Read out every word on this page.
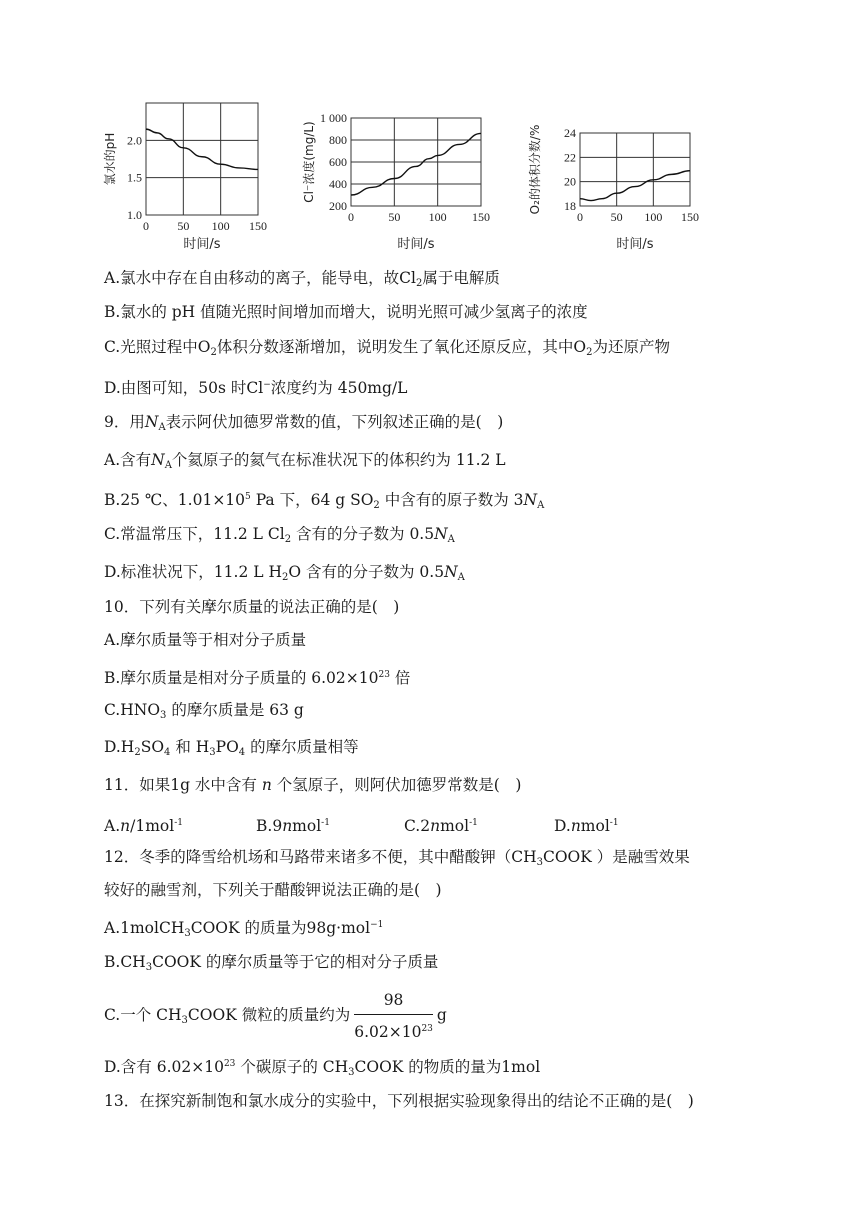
0 50 100 150
1.0
1.5
2.0
时间/s
氯水的pH
0	50 100 150
200
400
600
800
1 000
时间/s
Cl⁻浓度(mg/L)
0 50 100 150
18
20
22
24
时间/s
O₂的体积分数/%
A.氯水中存在自由移动的离子，能导电，故$Cl_2$属于电解质
B.氯水的 pH 值随光照时间增加而增大，说明光照可减少氢离子的浓度
C.光照过程中$O_2$体积分数逐渐增加，说明发生了氧化还原反应，其中$O_2$为还原产物
D.由图可知，50s 时Cl−浓度约为 450mg/L
9．用$N_A$表示阿伏加德罗常数的值，下列叙述正确的是(　)
A.含有$N_A$个氦原子的氦气在标准状况下的体积约为 11.2 L
B.25 ℃、$1.01\times 10^5$ Pa 下，64 g $SO_2$ 中含有的原子数为 $3N_A$
C.常温常压下，11.2 L $Cl_2$ 含有的分子数为 $0.5N_A$
D.标准状况下，11.2 L $H_2O$ 含有的分子数为 $0.5N_A$
10．下列有关摩尔质量的说法正确的是(　)
A.摩尔质量等于相对分子质量
B.摩尔质量是相对分子质量的 $6.02\times 10^{23}$ 倍
$C.HNO_3$ 的摩尔质量是 63 g
$D.H_2SO_4$ 和 $H_3PO_4$ 的摩尔质量相等
11．如果1g 水中含有 n 个氢原子，则阿伏加德罗常数是(　)
A.n/1mol$^{-1}$	B.9nmol$^{-1}$	C.2nmol$^{-1}$	D.nmol$^{-1}$
12．冬季的降雪给机场和马路带来诸多不便，其中醋酸钾（$CH_3COOK$ ）是融雪效果
较好的融雪剂，下列关于醋酸钾说法正确的是(　)
A.1molCH$_3$COOK 的质量为98g·mol$^{-1}$
$B.CH_3COOK$ 的摩尔质量等于它的相对分子质量
C.一个 $CH_3COOK$ 微粒的质量约为 $\frac{98}{6.02\times 10^{23}}$ g
D.含有 $6.02\times 10^{23}$ 个碳原子的 $CH_3COOK$ 的物质的量为1mol
13．在探究新制饱和氯水成分的实验中，下列根据实验现象得出的结论不正确的是(　)
